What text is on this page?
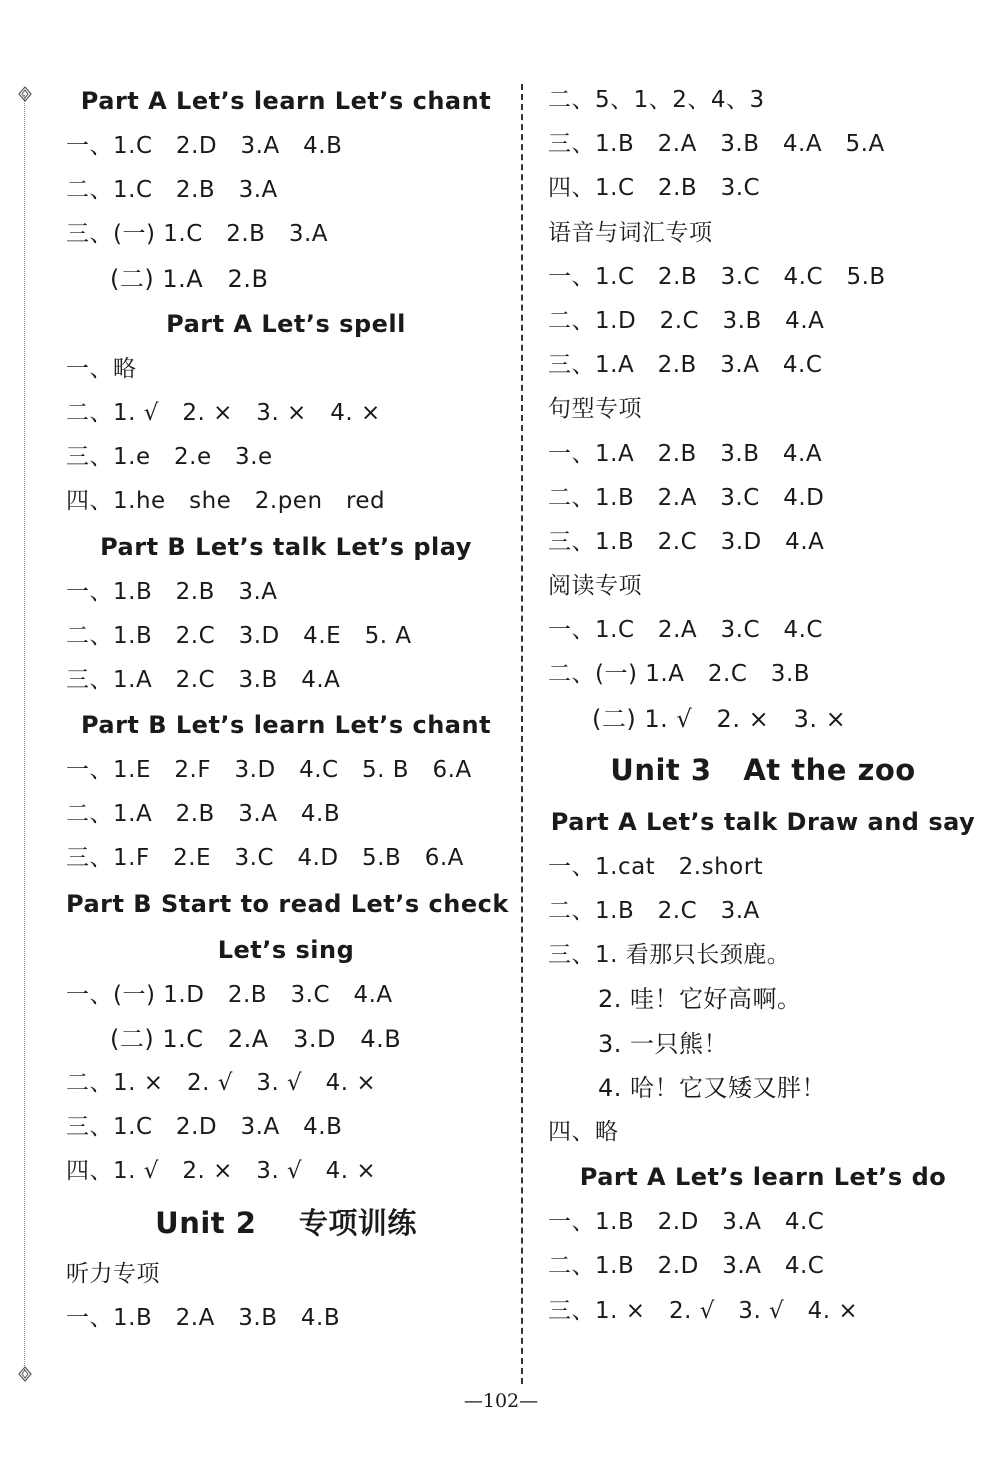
Part A Let’s learn Let’s chant
一、1.C   2.D   3.A   4.B
二、1.C   2.B   3.A
三、(一) 1.C   2.B   3.A
(二) 1.A   2.B
Part A Let’s spell
一、略
二、1. √   2. ×   3. ×   4. ×
三、1.e   2.e   3.e
四、1.he   she   2.pen   red
Part B Let’s talk Let’s play
一、1.B   2.B   3.A
二、1.B   2.C   3.D   4.E   5. A
三、1.A   2.C   3.B   4.A
Part B Let’s learn Let’s chant
一、1.E   2.F   3.D   4.C   5. B   6.A
二、1.A   2.B   3.A   4.B
三、1.F   2.E   3.C   4.D   5.B   6.A
Part B Start to read Let’s check
Let’s sing
一、(一) 1.D   2.B   3.C   4.A
(二) 1.C   2.A   3.D   4.B
二、1. ×   2. √   3. √   4. ×
三、1.C   2.D   3.A   4.B
四、1. √   2. ×   3. √   4. ×
Unit 2    专项训练
听力专项
一、1.B   2.A   3.B   4.B
二、5、1、2、4、3
三、1.B   2.A   3.B   4.A   5.A
四、1.C   2.B   3.C
语音与词汇专项
一、1.C   2.B   3.C   4.C   5.B
二、1.D   2.C   3.B   4.A
三、1.A   2.B   3.A   4.C
句型专项
一、1.A   2.B   3.B   4.A
二、1.B   2.A   3.C   4.D
三、1.B   2.C   3.D   4.A
阅读专项
一、1.C   2.A   3.C   4.C
二、(一) 1.A   2.C   3.B
(二) 1. √   2. ×   3. ×
Unit 3   At the zoo
Part A Let’s talk Draw and say
一、1.cat   2.short
二、1.B   2.C   3.A
三、1. 看那只长颈鹿。
2. 哇！它好高啊。
3. 一只熊！
4. 哈！它又矮又胖！
四、略
Part A Let’s learn Let’s do
一、1.B   2.D   3.A   4.C
二、1.B   2.D   3.A   4.C
三、1. ×   2. √   3. √   4. ×
—102—
